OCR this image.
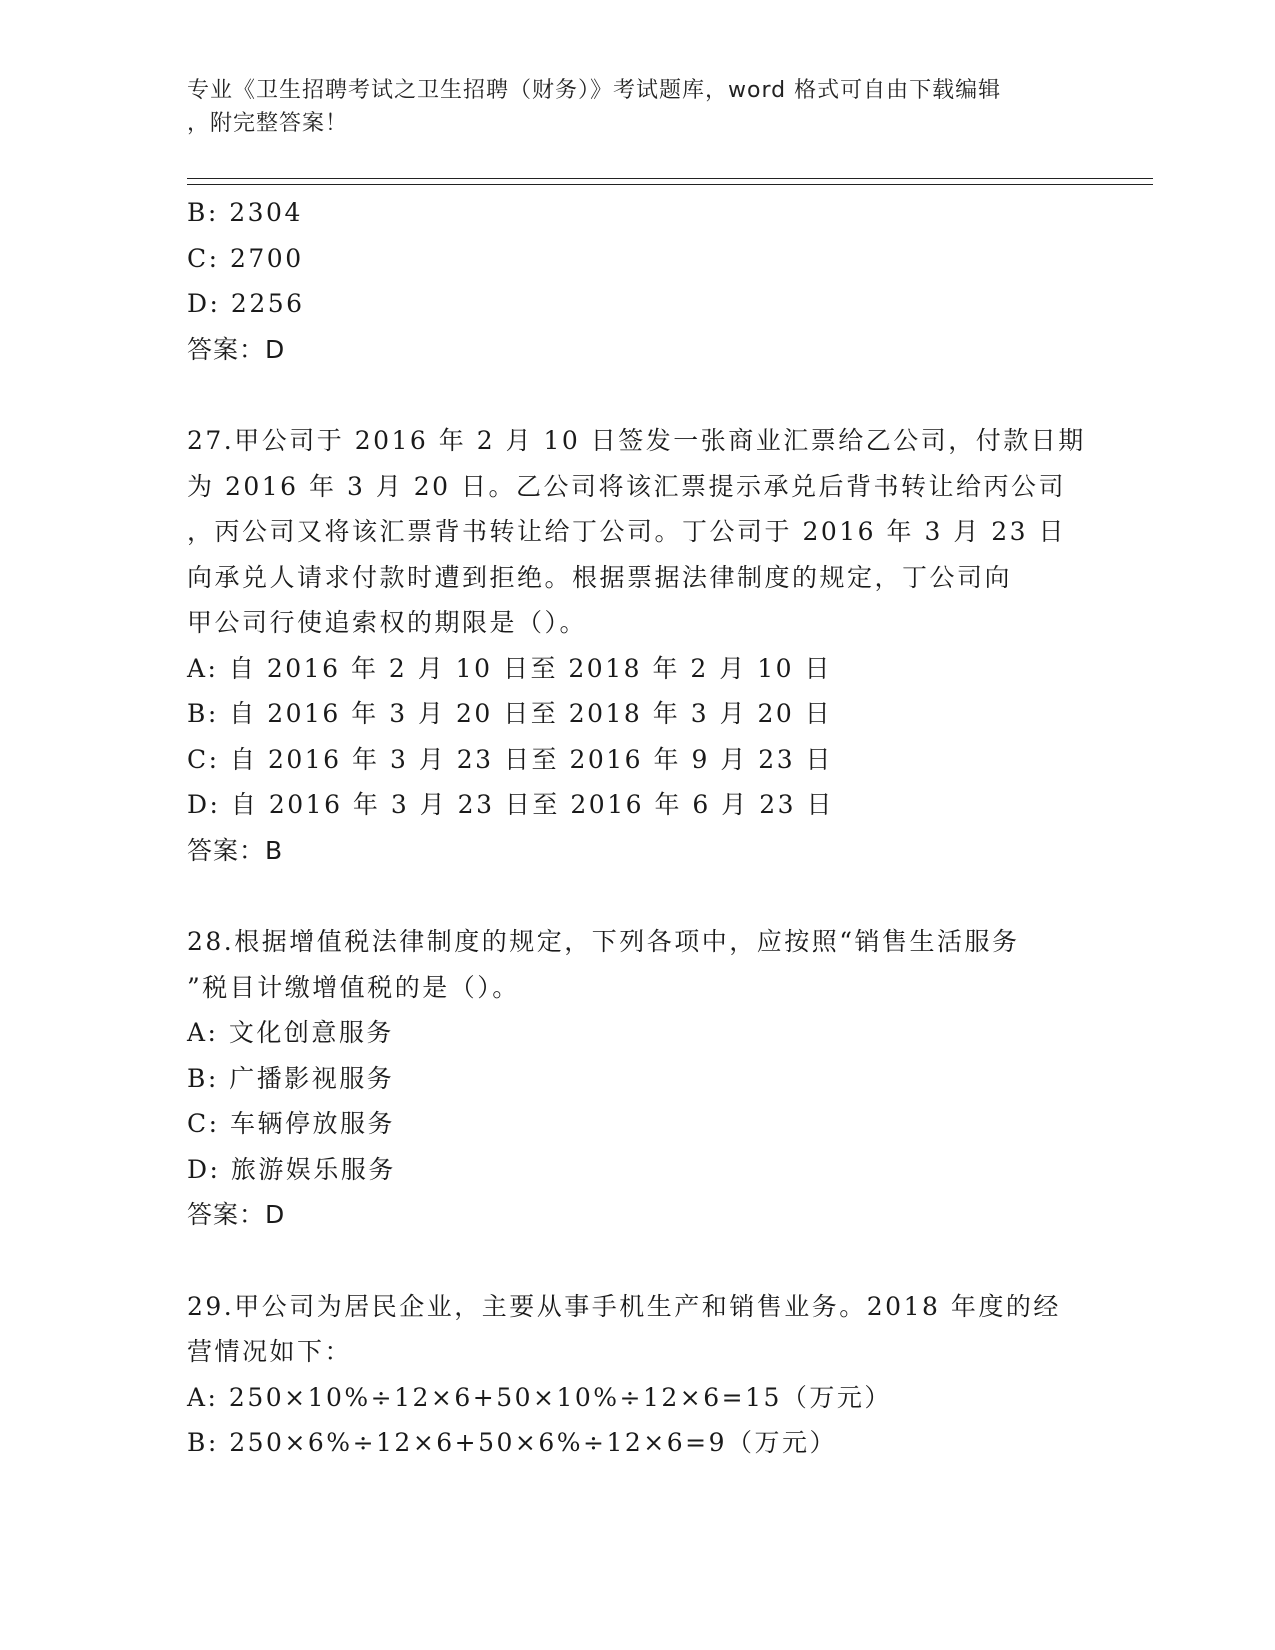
专业《卫生招聘考试之卫生招聘（财务）》考试题库，word 格式可自由下载编辑
，附完整答案！
B: 2304
C: 2700
D: 2256
答案：D
27.甲公司于 2016 年 2 月 10 日签发一张商业汇票给乙公司，付款日期
为 2016 年 3 月 20 日。乙公司将该汇票提示承兑后背书转让给丙公司
，丙公司又将该汇票背书转让给丁公司。丁公司于 2016 年 3 月 23 日
向承兑人请求付款时遭到拒绝。根据票据法律制度的规定，丁公司向
甲公司行使追索权的期限是（）。
A: 自 2016 年 2 月 10 日至 2018 年 2 月 10 日
B: 自 2016 年 3 月 20 日至 2018 年 3 月 20 日
C: 自 2016 年 3 月 23 日至 2016 年 9 月 23 日
D: 自 2016 年 3 月 23 日至 2016 年 6 月 23 日
答案：B
28.根据增值税法律制度的规定，下列各项中，应按照“销售生活服务
”税目计缴增值税的是（）。
A: 文化创意服务
B: 广播影视服务
C: 车辆停放服务
D: 旅游娱乐服务
答案：D
29.甲公司为居民企业，主要从事手机生产和销售业务。2018 年度的经
营情况如下：
A: 250×10%÷12×6+50×10%÷12×6=15（万元）
B: 250×6%÷12×6+50×6%÷12×6=9（万元）
